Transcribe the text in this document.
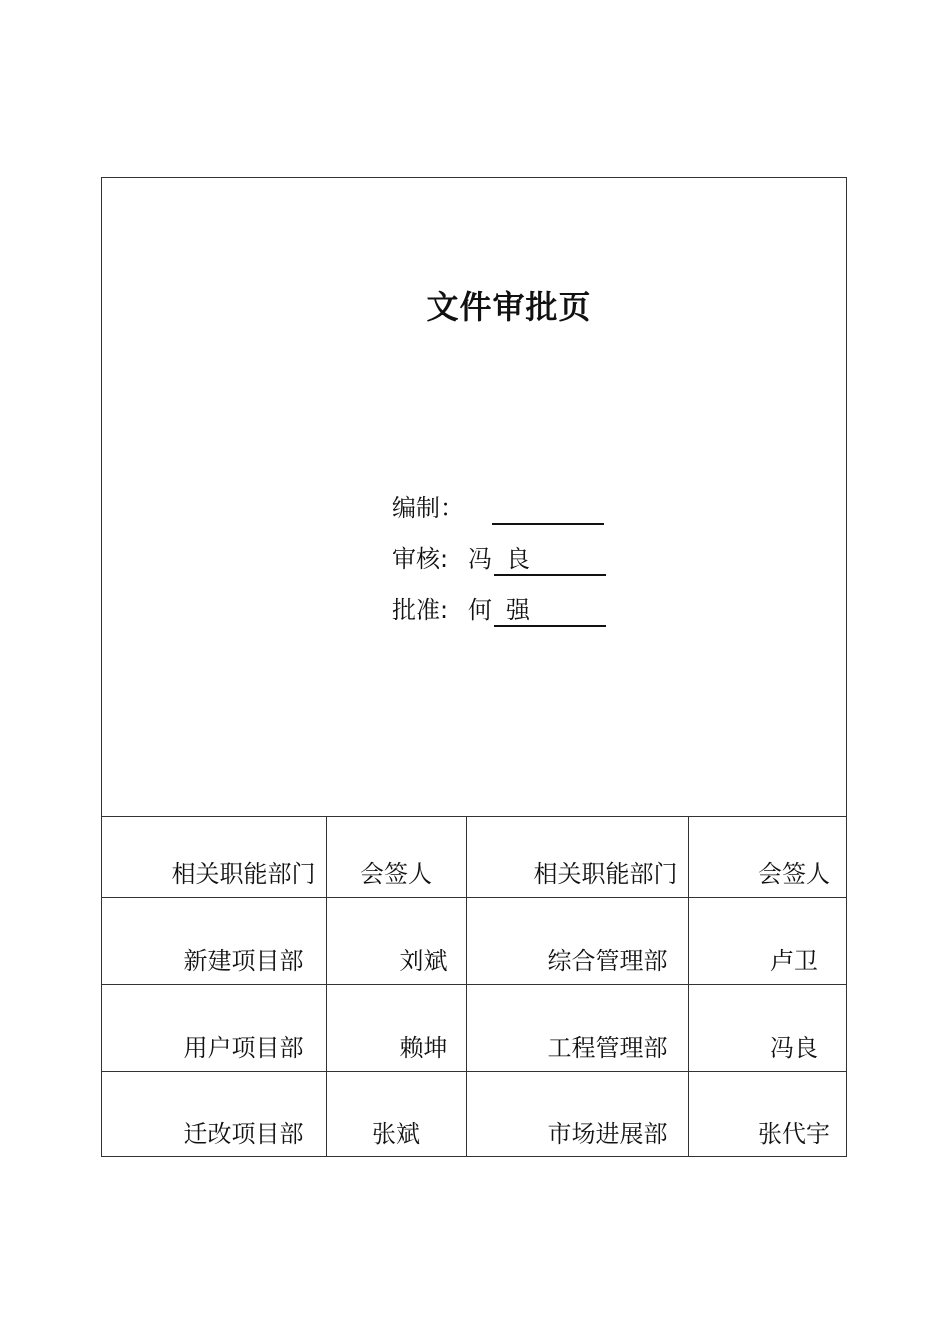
文件审批页
编制：
审核: 冯良
批准: 何强
相关职能部门	会签人	相关职能部门	会签人
新建项目部	刘斌	综合管理部	卢卫
用户项目部	赖坤	工程管理部	冯良
迁改项目部	张斌	市场进展部	张代宇
